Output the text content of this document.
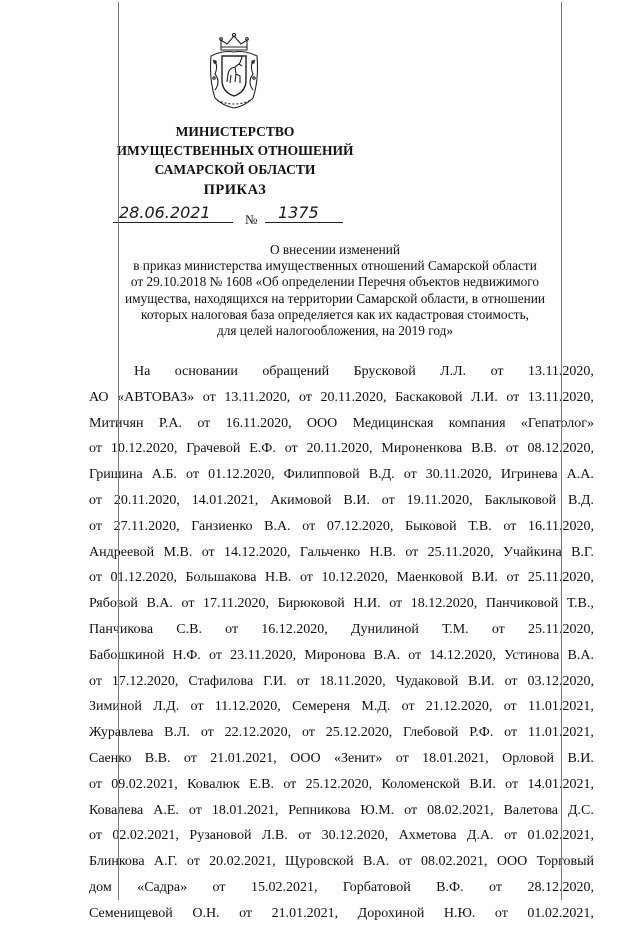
МИНИСТЕРСТВО
ИМУЩЕСТВЕННЫХ ОТНОШЕНИЙ
САМАРСКОЙ ОБЛАСТИ
ПРИКАЗ
28.06.2021	№ 1375
О внесении изменений
в приказ министерства имущественных отношений Самарской области
от 29.10.2018 № 1608 «Об определении Перечня объектов недвижимого
имущества, находящихся на территории Самарской области, в отношении
которых налоговая база определяется как их кадастровая стоимость,
для целей налогообложения, на 2019 год»
На основании обращений Брусковой Л.Л. от 13.11.2020,
АО «АВТОВАЗ» от 13.11.2020, от 20.11.2020, Баскаковой Л.И. от 13.11.2020,
Митичян Р.А. от 16.11.2020, ООО Медицинская компания «Гепатолог»
от 10.12.2020, Грачевой Е.Ф. от 20.11.2020, Мироненкова В.В. от 08.12.2020,
Гришина А.Б. от 01.12.2020, Филипповой В.Д. от 30.11.2020, Игринева А.А.
от 20.11.2020, 14.01.2021, Акимовой В.И. от 19.11.2020, Баклыковой В.Д.
от 27.11.2020, Ганзиенко В.А. от 07.12.2020, Быковой Т.В. от 16.11.2020,
Андреевой М.В. от 14.12.2020, Гальченко Н.В. от 25.11.2020, Учайкина В.Г.
от 01.12.2020, Большакова Н.В. от 10.12.2020, Маенковой В.И. от 25.11.2020,
Рябовой В.А. от 17.11.2020, Бирюковой Н.И. от 18.12.2020, Панчиковой Т.В.,
Панчикова С.В. от 16.12.2020, Дунилиной Т.М. от 25.11.2020,
Бабошкиной Н.Ф. от 23.11.2020, Миронова В.А. от 14.12.2020, Устинова В.А.
от 17.12.2020, Стафилова Г.И. от 18.11.2020, Чудаковой В.И. от 03.12.2020,
Зиминой Л.Д. от 11.12.2020, Семереня М.Д. от 21.12.2020, от 11.01.2021,
Журавлева В.Л. от 22.12.2020, от 25.12.2020, Глебовой Р.Ф. от 11.01.2021,
Саенко В.В. от 21.01.2021, ООО «Зенит» от 18.01.2021, Орловой В.И.
от 09.02.2021, Ковалюк Е.В. от 25.12.2020, Коломенской В.И. от 14.01.2021,
Ковалева А.Е. от 18.01.2021, Репникова Ю.М. от 08.02.2021, Валетова Д.С.
от 02.02.2021, Рузановой Л.В. от 30.12.2020, Ахметова Д.А. от 01.02.2021,
Блинкова А.Г. от 20.02.2021, Щуровской В.А. от 08.02.2021, ООО Торговый
дом «Садра» от 15.02.2021, Горбатовой В.Ф. от 28.12.2020,
Семенищевой О.Н. от 21.01.2021, Дорохиной Н.Ю. от 01.02.2021,
